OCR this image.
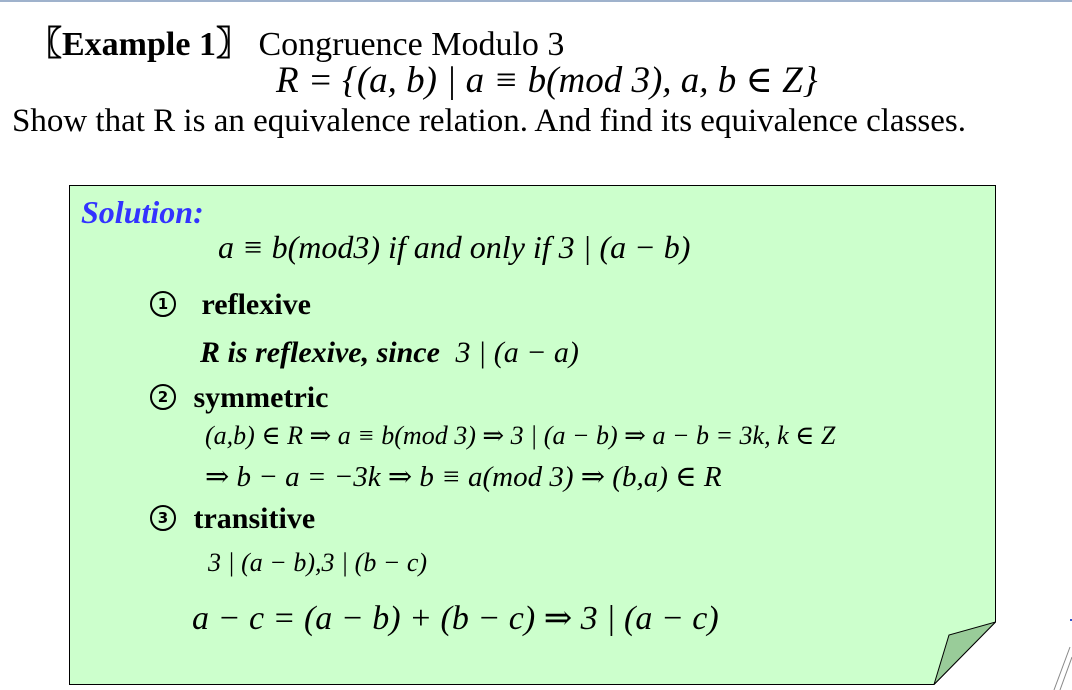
〖Example 1〗 Congruence Modulo 3
R = {(a, b) | a ≡ b(mod 3), a, b ∈ Z}
Show that R is an equivalence relation. And find its equivalence classes.
Solution:
a ≡ b(mod3) if and only if 3 | (a − b)
1 reflexive
R is reflexive, since 3 | (a − a)
2 symmetric
(a,b) ∈ R ⇒ a ≡ b(mod 3) ⇒ 3 | (a − b) ⇒ a − b = 3k, k ∈ Z
⇒ b − a = −3k ⇒ b ≡ a(mod 3) ⇒ (b,a) ∈ R
3 transitive
3 | (a − b),3 | (b − c)
a − c = (a − b) + (b − c) ⇒ 3 | (a − c)
